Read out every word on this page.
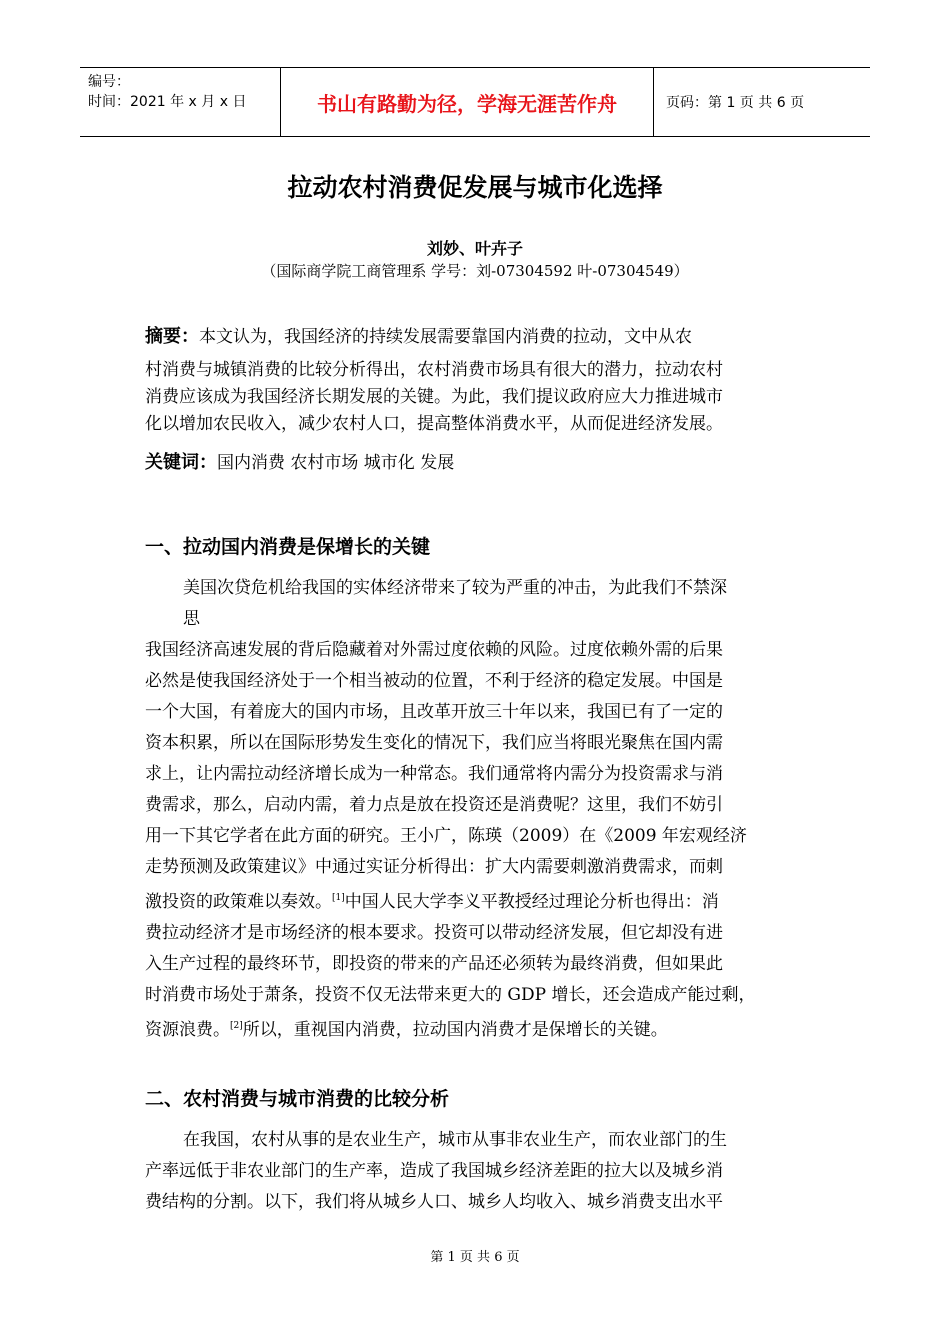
编号：
时间：2021 年 x 月 x 日	书山有路勤为径，学海无涯苦作舟	页码：第 1 页 共 6 页
拉动农村消费促发展与城市化选择
刘妙、叶卉子
（国际商学院工商管理系 学号：刘-07304592 叶-07304549）
摘要：本文认为，我国经济的持续发展需要靠国内消费的拉动，文中从农
村消费与城镇消费的比较分析得出，农村消费市场具有很大的潜力，拉动农村
消费应该成为我国经济长期发展的关键。为此，我们提议政府应大力推进城市
化以增加农民收入，减少农村人口，提高整体消费水平，从而促进经济发展。
关键词：国内消费 农村市场 城市化 发展
一、拉动国内消费是保增长的关键
美国次贷危机给我国的实体经济带来了较为严重的冲击，为此我们不禁深
思
我国经济高速发展的背后隐藏着对外需过度依赖的风险。过度依赖外需的后果
必然是使我国经济处于一个相当被动的位置，不利于经济的稳定发展。中国是
一个大国，有着庞大的国内市场，且改革开放三十年以来，我国已有了一定的
资本积累，所以在国际形势发生变化的情况下，我们应当将眼光聚焦在国内需
求上，让内需拉动经济增长成为一种常态。我们通常将内需分为投资需求与消
费需求，那么，启动内需，着力点是放在投资还是消费呢？这里，我们不妨引
用一下其它学者在此方面的研究。王小广，陈瑛（2009）在《2009 年宏观经济
走势预测及政策建议》中通过实证分析得出：扩大内需要刺激消费需求，而刺
激投资的政策难以奏效。[1]中国人民大学李义平教授经过理论分析也得出：消
费拉动经济才是市场经济的根本要求。投资可以带动经济发展，但它却没有进
入生产过程的最终环节，即投资的带来的产品还必须转为最终消费，但如果此
时消费市场处于萧条，投资不仅无法带来更大的 GDP 增长，还会造成产能过剩，
资源浪费。[2]所以，重视国内消费，拉动国内消费才是保增长的关键。
二、农村消费与城市消费的比较分析
在我国，农村从事的是农业生产，城市从事非农业生产，而农业部门的生
产率远低于非农业部门的生产率，造成了我国城乡经济差距的拉大以及城乡消
费结构的分割。以下，我们将从城乡人口、城乡人均收入、城乡消费支出水平
第 1 页 共 6 页
